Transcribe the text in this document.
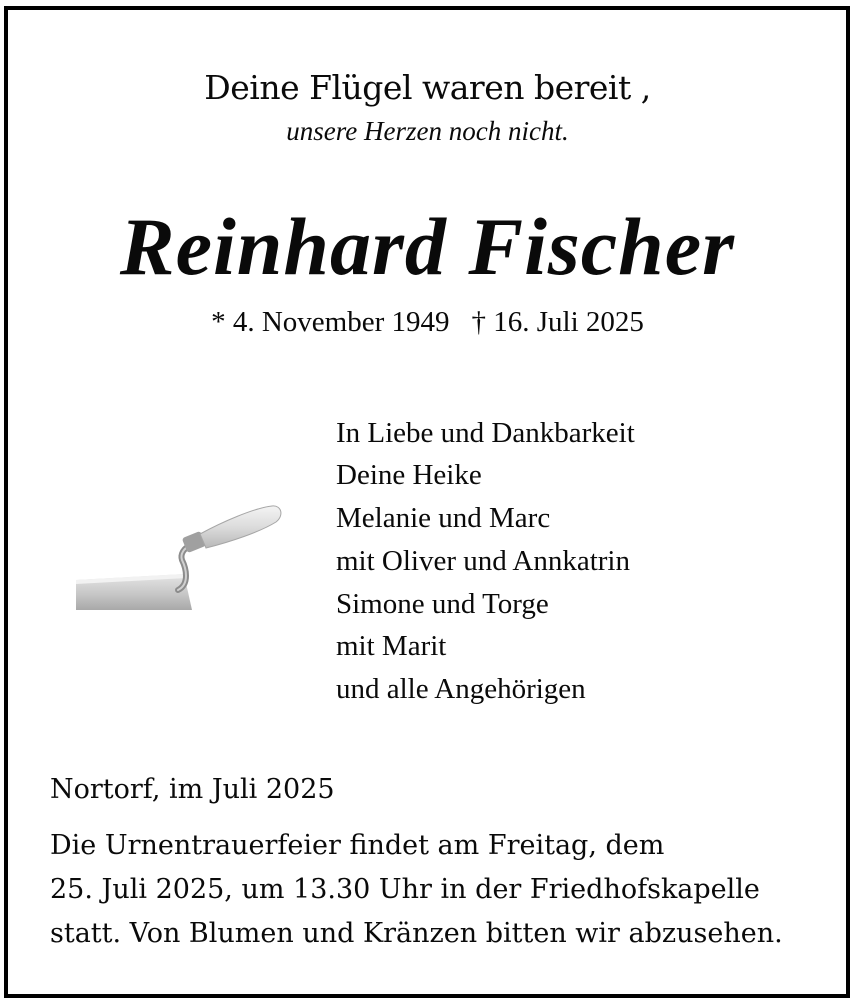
Deine Flügel waren bereit ,
unsere Herzen noch nicht.
Reinhard Fischer
* 4. November 1949 † 16. Juli 2025
In Liebe und Dankbarkeit
Deine Heike
Melanie und Marc
mit Oliver und Annkatrin
Simone und Torge
mit Marit
und alle Angehörigen
Nortorf, im Juli 2025
Die Urnentrauerfeier findet am Freitag, dem
25. Juli 2025, um 13.30 Uhr in der Friedhofskapelle
statt. Von Blumen und Kränzen bitten wir abzusehen.
